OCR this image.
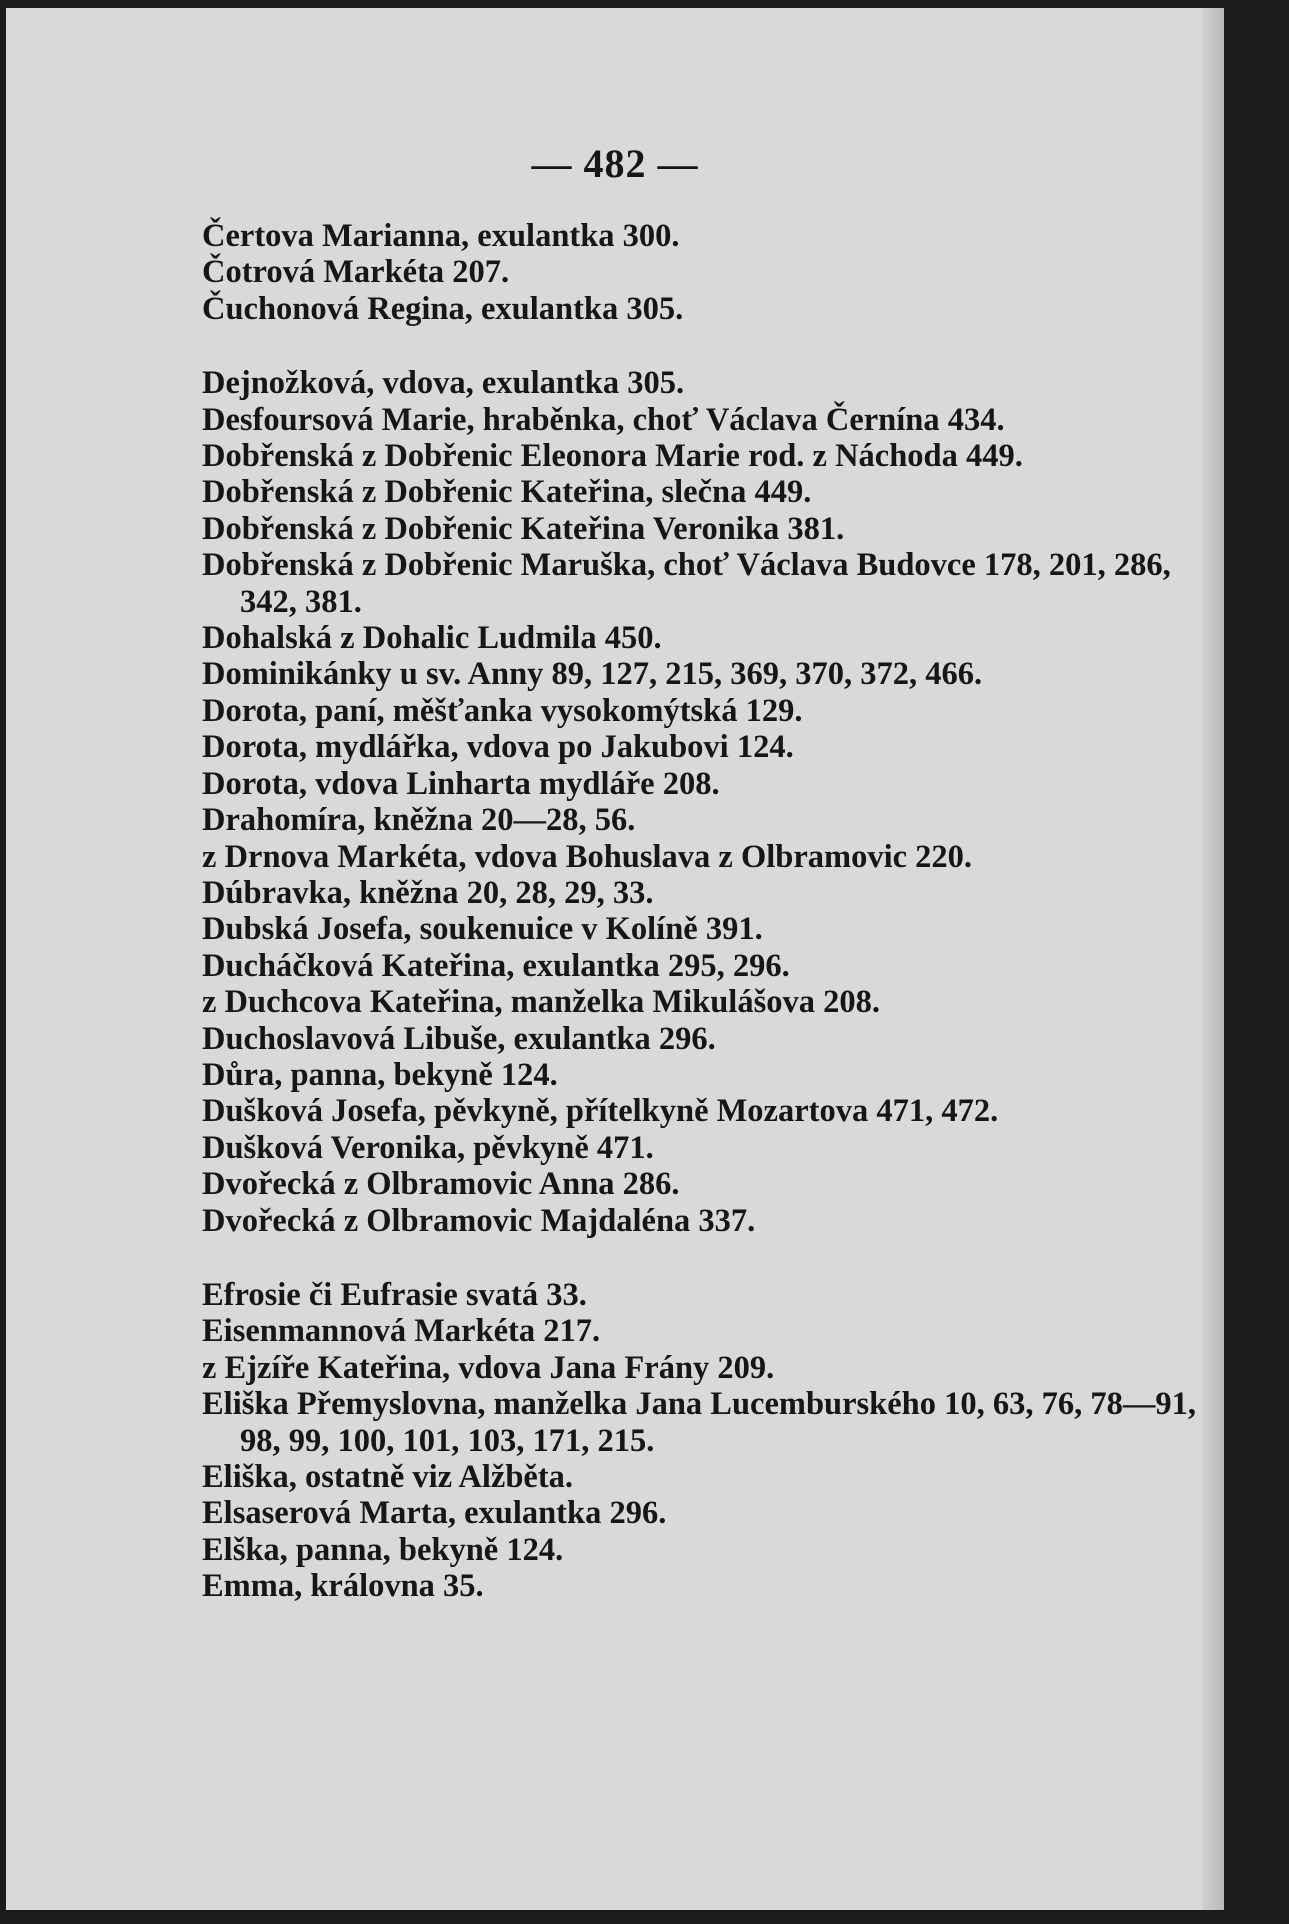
— 482 —

Čertova Marianna, exulantka 300.

Čotrová Markéta 207.

Čuchonová Regina, exulantka 305.

Dejnožková, vdova, exulantka 305.

Desfoursová Marie, hraběnka, choť Václava Černína 434.

Dobřenská z Dobřenic Eleonora Marie rod. z Náchoda 449.

Dobřenská z Dobřenic Kateřina, slečna 449.

Dobřenská z Dobřenic Kateřina Veronika 381.

Dobřenská z Dobřenic Maruška, choť Václava Budovce 178, 201, 286, 342, 381.

Dohalská z Dohalic Ludmila 450.

Dominikánky u sv. Anny 89, 127, 215, 369, 370, 372, 466.

Dorota, paní, měšťanka vysokomýtská 129.

Dorota, mydlářka, vdova po Jakubovi 124.

Dorota, vdova Linharta mydláře 208.

Drahomíra, kněžna 20—28, 56.

z Drnova Markéta, vdova Bohuslava z Olbramovic 220.

Dúbravka, kněžna 20, 28, 29, 33.

Dubská Josefa, soukenuice v Kolíně 391.

Ducháčková Kateřina, exulantka 295, 296.

z Duchcova Kateřina, manželka Mikulášova 208.

Duchoslavová Libuše, exulantka 296.

Důra, panna, bekyně 124.

Dušková Josefa, pěvkyně, přítelkyně Mozartova 471, 472.

Dušková Veronika, pěvkyně 471.

Dvořecká z Olbramovic Anna 286.

Dvořecká z Olbramovic Majdaléna 337.

Efrosie či Eufrasie svatá 33.

Eisenmannová Markéta 217.

z Ejzíře Kateřina, vdova Jana Frány 209.

Eliška Přemyslovna, manželka Jana Lucemburského 10, 63, 76, 78—91, 98, 99, 100, 101, 103, 171, 215.

Eliška, ostatně viz Alžběta.

Elsaserová Marta, exulantka 296.

Elška, panna, bekyně 124.

Emma, královna 35.
